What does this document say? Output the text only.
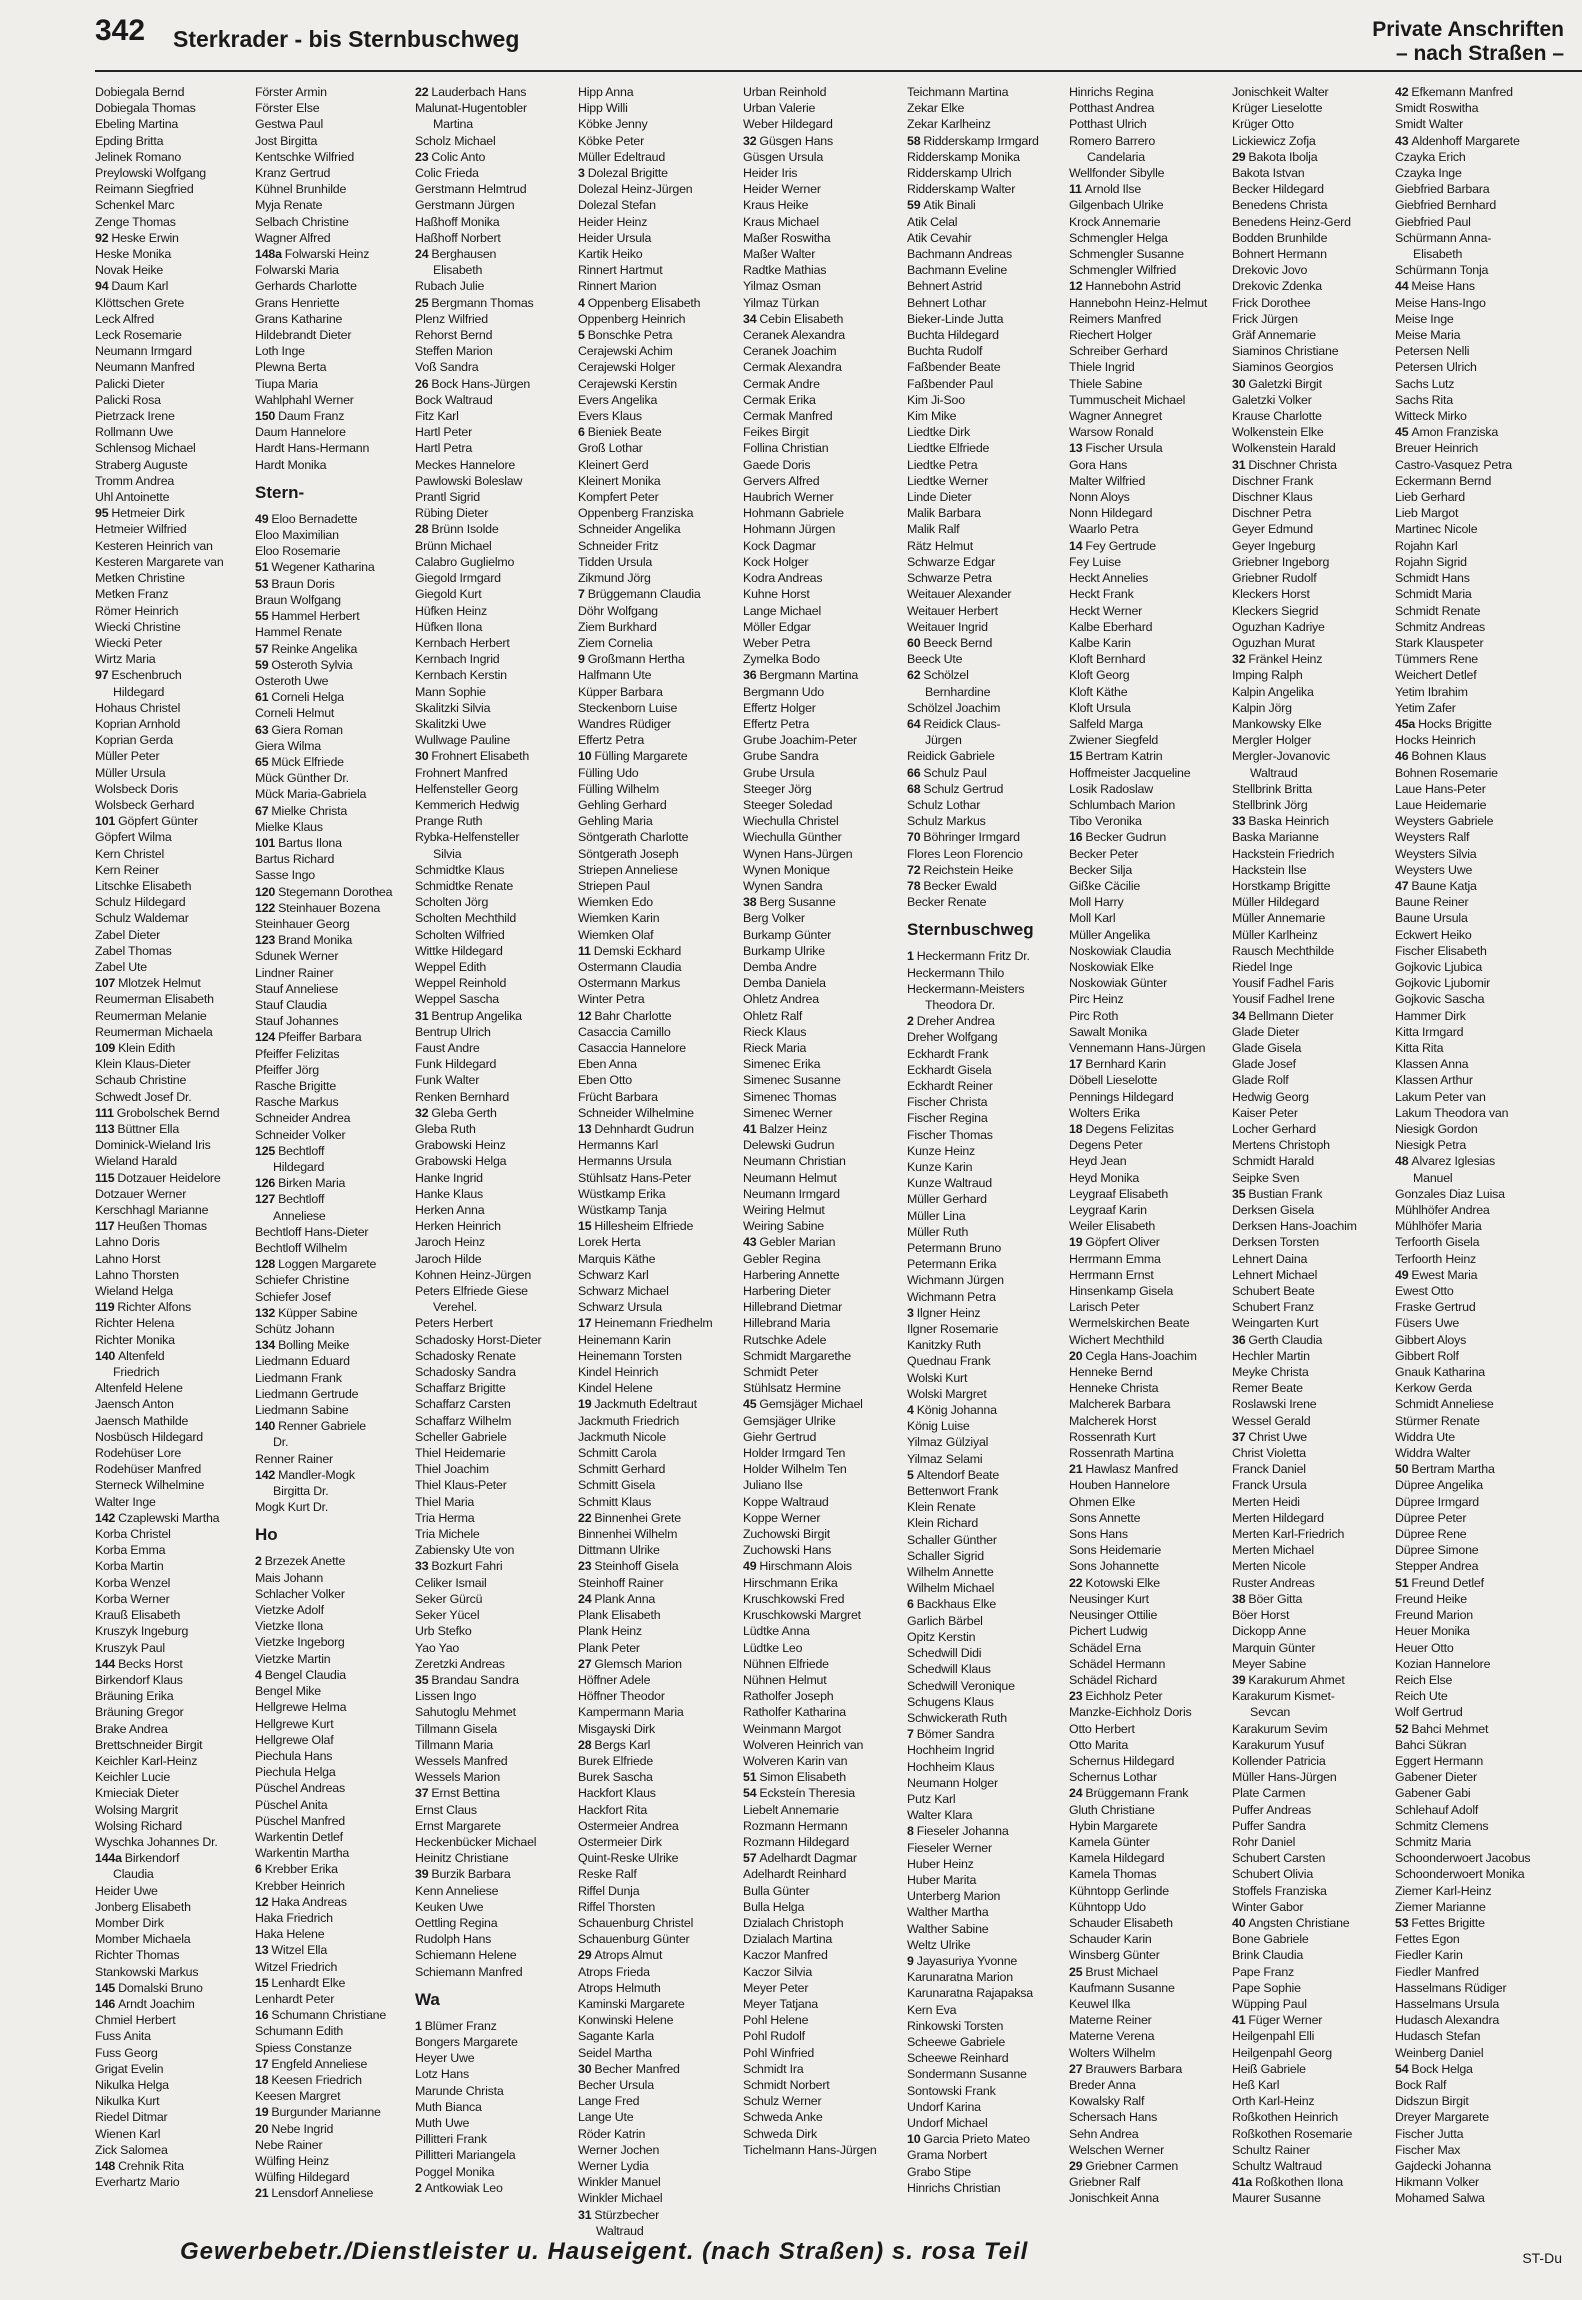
342 Sterkrader - bis Sternbuschweg	Private Anschriften
– nach Straßen –
Dobiegala Bernd
Dobiegala Thomas
Ebeling Martina
Epding Britta
Jelinek Romano
Preylowski Wolfgang
Reimann Siegfried
Schenkel Marc
Zenge Thomas
92 Heske Erwin
Heske Monika
Novak Heike
94 Daum Karl
Klöttschen Grete
Leck Alfred
Leck Rosemarie
Neumann Irmgard
Neumann Manfred
Palicki Dieter
Palicki Rosa
Pietrzack Irene
Rollmann Uwe
Schlensog Michael
Straberg Auguste
Tromm Andrea
Uhl Antoinette
95 Hetmeier Dirk
Hetmeier Wilfried
Kesteren Heinrich van
Kesteren Margarete van
Metken Christine
Metken Franz
Römer Heinrich
Wiecki Christine
Wiecki Peter
Wirtz Maria
97 Eschenbruch
Hildegard
Hohaus Christel
Koprian Arnhold
Koprian Gerda
Müller Peter
Müller Ursula
Wolsbeck Doris
Wolsbeck Gerhard
101 Göpfert Günter
Göpfert Wilma
Kern Christel
Kern Reiner
Litschke Elisabeth
Schulz Hildegard
Schulz Waldemar
Zabel Dieter
Zabel Thomas
Zabel Ute
107 Mlotzek Helmut
Reumerman Elisabeth
Reumerman Melanie
Reumerman Michaela
109 Klein Edith
Klein Klaus-Dieter
Schaub Christine
Schwedt Josef Dr.
111 Grobolschek Bernd
113 Büttner Ella
Dominick-Wieland Iris
Wieland Harald
115 Dotzauer Heidelore
Dotzauer Werner
Kerschhagl Marianne
117 Heußen Thomas
Lahno Doris
Lahno Horst
Lahno Thorsten
Wieland Helga
119 Richter Alfons
Richter Helena
Richter Monika
140 Altenfeld
Friedrich
Altenfeld Helene
Jaensch Anton
Jaensch Mathilde
Nosbüsch Hildegard
Rodehüser Lore
Rodehüser Manfred
Sterneck Wilhelmine
Walter Inge
142 Czaplewski Martha
Korba Christel
Korba Emma
Korba Martin
Korba Wenzel
Korba Werner
Krauß Elisabeth
Kruszyk Ingeburg
Kruszyk Paul
144 Becks Horst
Birkendorf Klaus
Bräuning Erika
Bräuning Gregor
Brake Andrea
Brettschneider Birgit
Keichler Karl-Heinz
Keichler Lucie
Kmieciak Dieter
Wolsing Margrit
Wolsing Richard
Wyschka Johannes Dr.
144a Birkendorf
Claudia
Heider Uwe
Jonberg Elisabeth
Momber Dirk
Momber Michaela
Richter Thomas
Stankowski Markus
145 Domalski Bruno
146 Arndt Joachim
Chmiel Herbert
Fuss Anita
Fuss Georg
Grigat Evelin
Nikulka Helga
Nikulka Kurt
Riedel Ditmar
Wienen Karl
Zick Salomea
148 Crehnik Rita
Everhartz Mario
Förster Armin
Förster Else
Gestwa Paul
Jost Birgitta
Kentschke Wilfried
Kranz Gertrud
Kühnel Brunhilde
Myja Renate
Selbach Christine
Wagner Alfred
148a Folwarski Heinz
Folwarski Maria
Gerhards Charlotte
Grans Henriette
Grans Katharine
Hildebrandt Dieter
Loth Inge
Plewna Berta
Tiupa Maria
Wahlphahl Werner
150 Daum Franz
Daum Hannelore
Hardt Hans-Hermann
Hardt Monika
Stern-
49 Eloo Bernadette
Eloo Maximilian
Eloo Rosemarie
51 Wegener Katharina
53 Braun Doris
Braun Wolfgang
55 Hammel Herbert
Hammel Renate
57 Reinke Angelika
59 Osteroth Sylvia
Osteroth Uwe
61 Corneli Helga
Corneli Helmut
63 Giera Roman
Giera Wilma
65 Mück Elfriede
Mück Günther Dr.
Mück Maria-Gabriela
67 Mielke Christa
Mielke Klaus
101 Bartus Ilona
Bartus Richard
Sasse Ingo
120 Stegemann Dorothea
122 Steinhauer Bozena
Steinhauer Georg
123 Brand Monika
Sdunek Werner
Lindner Rainer
Stauf Anneliese
Stauf Claudia
Stauf Johannes
124 Pfeiffer Barbara
Pfeiffer Felizitas
Pfeiffer Jörg
Rasche Brigitte
Rasche Markus
Schneider Andrea
Schneider Volker
125 Bechtloff
Hildegard
126 Birken Maria
127 Bechtloff
Anneliese
Bechtloff Hans-Dieter
Bechtloff Wilhelm
128 Loggen Margarete
Schiefer Christine
Schiefer Josef
132 Küpper Sabine
Schütz Johann
134 Bolling Meike
Liedmann Eduard
Liedmann Frank
Liedmann Gertrude
Liedmann Sabine
140 Renner Gabriele
Dr.
Renner Rainer
142 Mandler-Mogk
Birgitta Dr.
Mogk Kurt Dr.
Ho
2 Brzezek Anette
Mais Johann
Schlacher Volker
Vietzke Adolf
Vietzke Ilona
Vietzke Ingeborg
Vietzke Martin
4 Bengel Claudia
Bengel Mike
Hellgrewe Helma
Hellgrewe Kurt
Hellgrewe Olaf
Piechula Hans
Piechula Helga
Püschel Andreas
Püschel Anita
Püschel Manfred
Warkentin Detlef
Warkentin Martha
6 Krebber Erika
Krebber Heinrich
12 Haka Andreas
Haka Friedrich
Haka Helene
13 Witzel Ella
Witzel Friedrich
15 Lenhardt Elke
Lenhardt Peter
16 Schumann Christiane
Schumann Edith
Spiess Constanze
17 Engfeld Anneliese
18 Keesen Friedrich
Keesen Margret
19 Burgunder Marianne
20 Nebe Ingrid
Nebe Rainer
Wülfing Heinz
Wülfing Hildegard
21 Lensdorf Anneliese
22 Lauderbach Hans
Malunat-Hugentobler
Martina
Scholz Michael
23 Colic Anto
Colic Frieda
Gerstmann Helmtrud
Gerstmann Jürgen
Haßhoff Monika
Haßhoff Norbert
24 Berghausen
Elisabeth
Rubach Julie
25 Bergmann Thomas
Plenz Wilfried
Rehorst Bernd
Steffen Marion
Voß Sandra
26 Bock Hans-Jürgen
Bock Waltraud
Fitz Karl
Hartl Peter
Hartl Petra
Meckes Hannelore
Pawlowski Boleslaw
Prantl Sigrid
Rübing Dieter
28 Brünn Isolde
Brünn Michael
Calabro Guglielmo
Giegold Irmgard
Giegold Kurt
Hüfken Heinz
Hüfken Ilona
Kernbach Herbert
Kernbach Ingrid
Kernbach Kerstin
Mann Sophie
Skalitzki Silvia
Skalitzki Uwe
Wullwage Pauline
30 Frohnert Elisabeth
Frohnert Manfred
Helfensteller Georg
Kemmerich Hedwig
Prange Ruth
Rybka-Helfensteller
Silvia
Schmidtke Klaus
Schmidtke Renate
Scholten Jörg
Scholten Mechthild
Scholten Wilfried
Wittke Hildegard
Weppel Edith
Weppel Reinhold
Weppel Sascha
31 Bentrup Angelika
Bentrup Ulrich
Faust Andre
Funk Hildegard
Funk Walter
Renken Bernhard
32 Gleba Gerth
Gleba Ruth
Grabowski Heinz
Grabowski Helga
Hanke Ingrid
Hanke Klaus
Herken Anna
Herken Heinrich
Jaroch Heinz
Jaroch Hilde
Kohnen Heinz-Jürgen
Peters Elfriede Giese
Verehel.
Peters Herbert
Schadosky Horst-Dieter
Schadosky Renate
Schadosky Sandra
Schaffarz Brigitte
Schaffarz Carsten
Schaffarz Wilhelm
Scheller Gabriele
Thiel Heidemarie
Thiel Joachim
Thiel Klaus-Peter
Thiel Maria
Tria Herma
Tria Michele
Zabiensky Ute von
33 Bozkurt Fahri
Celiker Ismail
Seker Gürcü
Seker Yücel
Urb Stefko
Yao Yao
Zeretzki Andreas
35 Brandau Sandra
Lissen Ingo
Sahutoglu Mehmet
Tillmann Gisela
Tillmann Maria
Wessels Manfred
Wessels Marion
37 Ernst Bettina
Ernst Claus
Ernst Margarete
Heckenbücker Michael
Heinitz Christiane
39 Burzik Barbara
Kenn Anneliese
Keuken Uwe
Oettling Regina
Rudolph Hans
Schiemann Helene
Schiemann Manfred
Wa
1 Blümer Franz
Bongers Margarete
Heyer Uwe
Lotz Hans
Marunde Christa
Muth Bianca
Muth Uwe
Pillitteri Frank
Pillitteri Mariangela
Poggel Monika
2 Antkowiak Leo
Hipp Anna
Hipp Willi
Köbke Jenny
Köbke Peter
Müller Edeltraud
3 Dolezal Brigitte
Dolezal Heinz-Jürgen
Dolezal Stefan
Heider Heinz
Heider Ursula
Kartik Heiko
Rinnert Hartmut
Rinnert Marion
4 Oppenberg Elisabeth
Oppenberg Heinrich
5 Bonschke Petra
Cerajewski Achim
Cerajewski Holger
Cerajewski Kerstin
Evers Angelika
Evers Klaus
6 Bieniek Beate
Groß Lothar
Kleinert Gerd
Kleinert Monika
Kompfert Peter
Oppenberg Franziska
Schneider Angelika
Schneider Fritz
Tidden Ursula
Zikmund Jörg
7 Brüggemann Claudia
Döhr Wolfgang
Ziem Burkhard
Ziem Cornelia
9 Großmann Hertha
Halfmann Ute
Küpper Barbara
Steckenborn Luise
Wandres Rüdiger
Effertz Petra
10 Fülling Margarete
Fülling Udo
Fülling Wilhelm
Gehling Gerhard
Gehling Maria
Söntgerath Charlotte
Söntgerath Joseph
Striepen Anneliese
Striepen Paul
Wiemken Edo
Wiemken Karin
Wiemken Olaf
11 Demski Eckhard
Ostermann Claudia
Ostermann Markus
Winter Petra
12 Bahr Charlotte
Casaccia Camillo
Casaccia Hannelore
Eben Anna
Eben Otto
Frücht Barbara
Schneider Wilhelmine
13 Dehnhardt Gudrun
Hermanns Karl
Hermanns Ursula
Stühlsatz Hans-Peter
Wüstkamp Erika
Wüstkamp Tanja
15 Hillesheim Elfriede
Lorek Herta
Marquis Käthe
Schwarz Karl
Schwarz Michael
Schwarz Ursula
17 Heinemann Friedhelm
Heinemann Karin
Heinemann Torsten
Kindel Heinrich
Kindel Helene
19 Jackmuth Edeltraut
Jackmuth Friedrich
Jackmuth Nicole
Schmitt Carola
Schmitt Gerhard
Schmitt Gisela
Schmitt Klaus
22 Binnenhei Grete
Binnenhei Wilhelm
Dittmann Ulrike
23 Steinhoff Gisela
Steinhoff Rainer
24 Plank Anna
Plank Elisabeth
Plank Heinz
Plank Peter
27 Glemsch Marion
Höffner Adele
Höffner Theodor
Kampermann Maria
Misgayski Dirk
28 Bergs Karl
Burek Elfriede
Burek Sascha
Hackfort Klaus
Hackfort Rita
Ostermeier Andrea
Ostermeier Dirk
Quint-Reske Ulrike
Reske Ralf
Riffel Dunja
Riffel Thorsten
Schauenburg Christel
Schauenburg Günter
29 Atrops Almut
Atrops Frieda
Atrops Helmuth
Kaminski Margarete
Konwinski Helene
Sagante Karla
Seidel Martha
30 Becher Manfred
Becher Ursula
Lange Fred
Lange Ute
Röder Katrin
Werner Jochen
Werner Lydia
Winkler Manuel
Winkler Michael
31 Stürzbecher
Waltraud
Urban Reinhold
Urban Valerie
Weber Hildegard
32 Güsgen Hans
Güsgen Ursula
Heider Iris
Heider Werner
Kraus Heike
Kraus Michael
Maßer Roswitha
Maßer Walter
Radtke Mathias
Yilmaz Osman
Yilmaz Türkan
34 Cebin Elisabeth
Ceranek Alexandra
Ceranek Joachim
Cermak Alexandra
Cermak Andre
Cermak Erika
Cermak Manfred
Feikes Birgit
Follina Christian
Gaede Doris
Gervers Alfred
Haubrich Werner
Hohmann Gabriele
Hohmann Jürgen
Kock Dagmar
Kock Holger
Kodra Andreas
Kuhne Horst
Lange Michael
Möller Edgar
Weber Petra
Zymelka Bodo
36 Bergmann Martina
Bergmann Udo
Effertz Holger
Effertz Petra
Grube Joachim-Peter
Grube Sandra
Grube Ursula
Steeger Jörg
Steeger Soledad
Wiechulla Christel
Wiechulla Günther
Wynen Hans-Jürgen
Wynen Monique
Wynen Sandra
38 Berg Susanne
Berg Volker
Burkamp Günter
Burkamp Ulrike
Demba Andre
Demba Daniela
Ohletz Andrea
Ohletz Ralf
Rieck Klaus
Rieck Maria
Simenec Erika
Simenec Susanne
Simenec Thomas
Simenec Werner
41 Balzer Heinz
Delewski Gudrun
Neumann Christian
Neumann Helmut
Neumann Irmgard
Weiring Helmut
Weiring Sabine
43 Gebler Marian
Gebler Regina
Harbering Annette
Harbering Dieter
Hillebrand Dietmar
Hillebrand Maria
Rutschke Adele
Schmidt Margarethe
Schmidt Peter
Stühlsatz Hermine
45 Gemsjäger Michael
Gemsjäger Ulrike
Giehr Gertrud
Holder Irmgard Ten
Holder Wilhelm Ten
Juliano Ilse
Koppe Waltraud
Koppe Werner
Zuchowski Birgit
Zuchowski Hans
49 Hirschmann Alois
Hirschmann Erika
Kruschkowski Fred
Kruschkowski Margret
Lüdtke Anna
Lüdtke Leo
Nühnen Elfriede
Nühnen Helmut
Ratholfer Joseph
Ratholfer Katharina
Weinmann Margot
Wolveren Heinrich van
Wolveren Karin van
51 Simon Elisabeth
54 Ecksteín Theresia
Liebelt Annemarie
Rozmann Hermann
Rozmann Hildegard
57 Adelhardt Dagmar
Adelhardt Reinhard
Bulla Günter
Bulla Helga
Dzialach Christoph
Dzialach Martina
Kaczor Manfred
Kaczor Silvia
Meyer Peter
Meyer Tatjana
Pohl Helene
Pohl Rudolf
Pohl Winfried
Schmidt Ira
Schmidt Norbert
Schulz Werner
Schweda Anke
Schweda Dirk
Tichelmann Hans-Jürgen
Teichmann Martina
Zekar Elke
Zekar Karlheinz
58 Ridderskamp Irmgard
Ridderskamp Monika
Ridderskamp Ulrich
Ridderskamp Walter
59 Atik Binali
Atik Celal
Atik Cevahir
Bachmann Andreas
Bachmann Eveline
Behnert Astrid
Behnert Lothar
Bieker-Linde Jutta
Buchta Hildegard
Buchta Rudolf
Faßbender Beate
Faßbender Paul
Kim Ji-Soo
Kim Mike
Liedtke Dirk
Liedtke Elfriede
Liedtke Petra
Liedtke Werner
Linde Dieter
Malik Barbara
Malik Ralf
Rätz Helmut
Schwarze Edgar
Schwarze Petra
Weitauer Alexander
Weitauer Herbert
Weitauer Ingrid
60 Beeck Bernd
Beeck Ute
62 Schölzel
Bernhardine
Schölzel Joachim
64 Reidick Claus-
Jürgen
Reidick Gabriele
66 Schulz Paul
68 Schulz Gertrud
Schulz Lothar
Schulz Markus
70 Böhringer Irmgard
Flores Leon Florencio
72 Reichstein Heike
78 Becker Ewald
Becker Renate
Sternbuschweg
1 Heckermann Fritz Dr.
Heckermann Thilo
Heckermann-Meisters
Theodora Dr.
2 Dreher Andrea
Dreher Wolfgang
Eckhardt Frank
Eckhardt Gisela
Eckhardt Reiner
Fischer Christa
Fischer Regina
Fischer Thomas
Kunze Heinz
Kunze Karin
Kunze Waltraud
Müller Gerhard
Müller Lina
Müller Ruth
Petermann Bruno
Petermann Erika
Wichmann Jürgen
Wichmann Petra
3 Ilgner Heinz
Ilgner Rosemarie
Kanitzky Ruth
Quednau Frank
Wolski Kurt
Wolski Margret
4 König Johanna
König Luise
Yilmaz Gülziyal
Yilmaz Selami
5 Altendorf Beate
Bettenwort Frank
Klein Renate
Klein Richard
Schaller Günther
Schaller Sigrid
Wilhelm Annette
Wilhelm Michael
6 Backhaus Elke
Garlich Bärbel
Opitz Kerstin
Schedwill Didi
Schedwill Klaus
Schedwill Veronique
Schugens Klaus
Schwickerath Ruth
7 Bömer Sandra
Hochheim Ingrid
Hochheim Klaus
Neumann Holger
Putz Karl
Walter Klara
8 Fieseler Johanna
Fieseler Werner
Huber Heinz
Huber Marita
Unterberg Marion
Walther Martha
Walther Sabine
Weltz Ulrike
9 Jayasuriya Yvonne
Karunaratna Marion
Karunaratna Rajapaksa
Kern Eva
Rinkowski Torsten
Scheewe Gabriele
Scheewe Reinhard
Sondermann Susanne
Sontowski Frank
Undorf Karina
Undorf Michael
10 Garcia Prieto Mateo
Grama Norbert
Grabo Stipe
Hinrichs Christian
Hinrichs Regina
Potthast Andrea
Potthast Ulrich
Romero Barrero
Candelaria
Wellfonder Sibylle
11 Arnold Ilse
Gilgenbach Ulrike
Krock Annemarie
Schmengler Helga
Schmengler Susanne
Schmengler Wilfried
12 Hannebohn Astrid
Hannebohn Heinz-Helmut
Reimers Manfred
Riechert Holger
Schreiber Gerhard
Thiele Ingrid
Thiele Sabine
Tummuscheit Michael
Wagner Annegret
Warsow Ronald
13 Fischer Ursula
Gora Hans
Malter Wilfried
Nonn Aloys
Nonn Hildegard
Waarlo Petra
14 Fey Gertrude
Fey Luise
Heckt Annelies
Heckt Frank
Heckt Werner
Kalbe Eberhard
Kalbe Karin
Kloft Bernhard
Kloft Georg
Kloft Käthe
Kloft Ursula
Salfeld Marga
Zwiener Siegfeld
15 Bertram Katrin
Hoffmeister Jacqueline
Losik Radoslaw
Schlumbach Marion
Tibo Veronika
16 Becker Gudrun
Becker Peter
Becker Silja
Gißke Cäcilie
Moll Harry
Moll Karl
Müller Angelika
Noskowiak Claudia
Noskowiak Elke
Noskowiak Günter
Pirc Heinz
Pirc Roth
Sawalt Monika
Vennemann Hans-Jürgen
17 Bernhard Karin
Döbell Lieselotte
Pennings Hildegard
Wolters Erika
18 Degens Felizitas
Degens Peter
Heyd Jean
Heyd Monika
Leygraaf Elisabeth
Leygraaf Karin
Weiler Elisabeth
19 Göpfert Oliver
Herrmann Emma
Herrmann Ernst
Hinsenkamp Gisela
Larisch Peter
Wermelskirchen Beate
Wichert Mechthild
20 Cegla Hans-Joachim
Henneke Bernd
Henneke Christa
Malcherek Barbara
Malcherek Horst
Rossenrath Kurt
Rossenrath Martina
21 Hawlasz Manfred
Houben Hannelore
Ohmen Elke
Sons Annette
Sons Hans
Sons Heidemarie
Sons Johannette
22 Kotowski Elke
Neusinger Kurt
Neusinger Ottilie
Pichert Ludwig
Schädel Erna
Schädel Hermann
Schädel Richard
23 Eichholz Peter
Manzke-Eichholz Doris
Otto Herbert
Otto Marita
Schernus Hildegard
Schernus Lothar
24 Brüggemann Frank
Gluth Christiane
Hybin Margarete
Kamela Günter
Kamela Hildegard
Kamela Thomas
Kühntopp Gerlinde
Kühntopp Udo
Schauder Elisabeth
Schauder Karin
Winsberg Günter
25 Brust Michael
Kaufmann Susanne
Keuwel Ilka
Materne Reiner
Materne Verena
Wolters Wilhelm
27 Brauwers Barbara
Breder Anna
Kowalsky Ralf
Schersach Hans
Sehn Andrea
Welschen Werner
29 Griebner Carmen
Griebner Ralf
Jonischkeit Anna
Jonischkeit Walter
Krüger Lieselotte
Krüger Otto
Lickiewicz Zofja
29 Bakota Ibolja
Bakota Istvan
Becker Hildegard
Benedens Christa
Benedens Heinz-Gerd
Bodden Brunhilde
Bohnert Hermann
Drekovic Jovo
Drekovic Zdenka
Frick Dorothee
Frick Jürgen
Gräf Annemarie
Siaminos Christiane
Siaminos Georgios
30 Galetzki Birgit
Galetzki Volker
Krause Charlotte
Wolkenstein Elke
Wolkenstein Harald
31 Dischner Christa
Dischner Frank
Dischner Klaus
Dischner Petra
Geyer Edmund
Geyer Ingeburg
Griebner Ingeborg
Griebner Rudolf
Kleckers Horst
Kleckers Siegrid
Oguzhan Kadriye
Oguzhan Murat
32 Fränkel Heinz
Imping Ralph
Kalpin Angelika
Kalpin Jörg
Mankowsky Elke
Mergler Holger
Mergler-Jovanovic
Waltraud
Stellbrink Britta
Stellbrink Jörg
33 Baska Heinrich
Baska Marianne
Hackstein Friedrich
Hackstein Ilse
Horstkamp Brigitte
Müller Hildegard
Müller Annemarie
Müller Karlheinz
Rausch Mechthilde
Riedel Inge
Yousif Fadhel Faris
Yousif Fadhel Irene
34 Bellmann Dieter
Glade Dieter
Glade Gisela
Glade Josef
Glade Rolf
Hedwig Georg
Kaiser Peter
Locher Gerhard
Mertens Christoph
Schmidt Harald
Seipke Sven
35 Bustian Frank
Derksen Gisela
Derksen Hans-Joachim
Derksen Torsten
Lehnert Daina
Lehnert Michael
Schubert Beate
Schubert Franz
Weingarten Kurt
36 Gerth Claudia
Hechler Martin
Meyke Christa
Remer Beate
Roslawski Irene
Wessel Gerald
37 Christ Uwe
Christ Violetta
Franck Daniel
Franck Ursula
Merten Heidi
Merten Hildegard
Merten Karl-Friedrich
Merten Michael
Merten Nicole
Ruster Andreas
38 Böer Gitta
Böer Horst
Dickopp Anne
Marquin Günter
Meyer Sabine
39 Karakurum Ahmet
Karakurum Kismet-
Sevcan
Karakurum Sevim
Karakurum Yusuf
Kollender Patricia
Müller Hans-Jürgen
Plate Carmen
Puffer Andreas
Puffer Sandra
Rohr Daniel
Schubert Carsten
Schubert Olivia
Stoffels Franziska
Winter Gabor
40 Angsten Christiane
Bone Gabriele
Brink Claudia
Pape Franz
Pape Sophie
Wüpping Paul
41 Füger Werner
Heilgenpahl Elli
Heilgenpahl Georg
Heiß Gabriele
Heß Karl
Orth Karl-Heinz
Roßkothen Heinrich
Roßkothen Rosemarie
Schultz Rainer
Schultz Waltraud
41a Roßkothen Ilona
Maurer Susanne
42 Efkemann Manfred
Smidt Roswitha
Smidt Walter
43 Aldenhoff Margarete
Czayka Erich
Czayka Inge
Giebfried Barbara
Giebfried Bernhard
Giebfried Paul
Schürmann Anna-
Elisabeth
Schürmann Tonja
44 Meise Hans
Meise Hans-Ingo
Meise Inge
Meise Maria
Petersen Nelli
Petersen Ulrich
Sachs Lutz
Sachs Rita
Witteck Mirko
45 Amon Franziska
Breuer Heinrich
Castro-Vasquez Petra
Eckermann Bernd
Lieb Gerhard
Lieb Margot
Martinec Nicole
Rojahn Karl
Rojahn Sigrid
Schmidt Hans
Schmidt Maria
Schmidt Renate
Schmitz Andreas
Stark Klauspeter
Tümmers Rene
Weichert Detlef
Yetim Ibrahim
Yetim Zafer
45a Hocks Brigitte
Hocks Heinrich
46 Bohnen Klaus
Bohnen Rosemarie
Laue Hans-Peter
Laue Heidemarie
Weysters Gabriele
Weysters Ralf
Weysters Silvia
Weysters Uwe
47 Baune Katja
Baune Reiner
Baune Ursula
Eckwert Heiko
Fischer Elisabeth
Gojkovic Ljubica
Gojkovic Ljubomir
Gojkovic Sascha
Hammer Dirk
Kitta Irmgard
Kitta Rita
Klassen Anna
Klassen Arthur
Lakum Peter van
Lakum Theodora van
Niesigk Gordon
Niesigk Petra
48 Alvarez Iglesias
Manuel
Gonzales Diaz Luisa
Mühlhöfer Andrea
Mühlhöfer Maria
Terfoorth Gisela
Terfoorth Heinz
49 Ewest Maria
Ewest Otto
Fraske Gertrud
Füsers Uwe
Gibbert Aloys
Gibbert Rolf
Gnauk Katharina
Kerkow Gerda
Schmidt Anneliese
Stürmer Renate
Widdra Ute
Widdra Walter
50 Bertram Martha
Düpree Angelika
Düpree Irmgard
Düpree Peter
Düpree Rene
Düpree Simone
Stepper Andrea
51 Freund Detlef
Freund Heike
Freund Marion
Heuer Monika
Heuer Otto
Kozian Hannelore
Reich Else
Reich Ute
Wolf Gertrud
52 Bahci Mehmet
Bahci Sükran
Eggert Hermann
Gabener Dieter
Gabener Gabi
Schlehauf Adolf
Schmitz Clemens
Schmitz Maria
Schoonderwoert Jacobus
Schoonderwoert Monika
Ziemer Karl-Heinz
Ziemer Marianne
53 Fettes Brigitte
Fettes Egon
Fiedler Karin
Fiedler Manfred
Hasselmans Rüdiger
Hasselmans Ursula
Hudasch Alexandra
Hudasch Stefan
Weinberg Daniel
54 Bock Helga
Bock Ralf
Didszun Birgit
Dreyer Margarete
Fischer Jutta
Fischer Max
Gajdecki Johanna
Hikmann Volker
Mohamed Salwa
Gewerbebetr./Dienstleister u. Hauseigent. (nach Straßen) s. rosa Teil	ST-Du
